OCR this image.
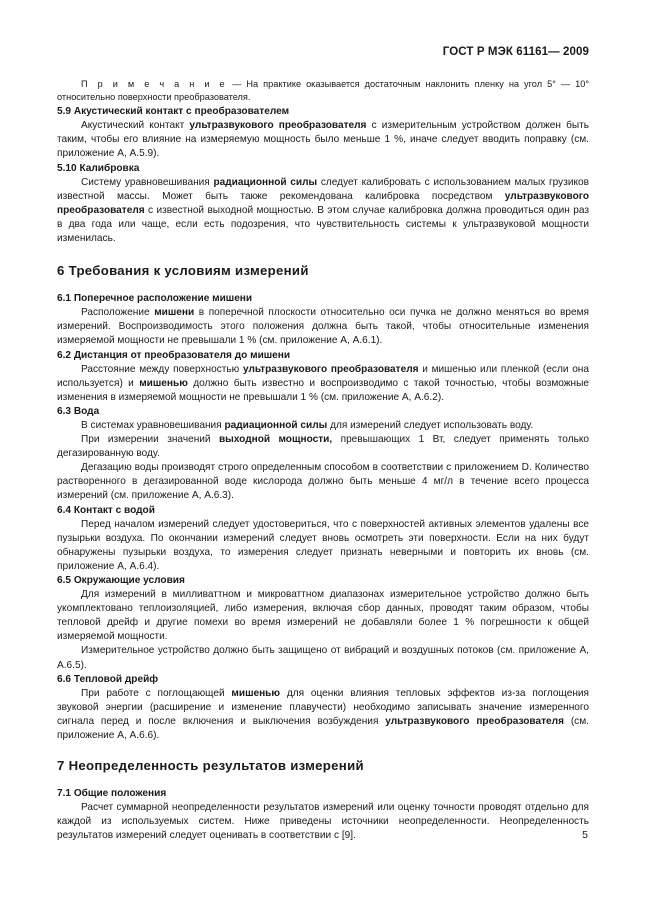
ГОСТ Р МЭК 61161— 2009

П р и м е ч а н и е — На практике оказывается достаточным наклонить пленку на угол 5° — 10° относительно поверхности преобразователя.

5.9 Акустический контакт с преобразователем

Акустический контакт ультразвукового преобразователя с измерительным устройством должен быть таким, чтобы его влияние на измеряемую мощность было меньше 1 %, иначе следует вводить поправку (см. приложение А, А.5.9).

5.10 Калибровка

Систему уравновешивания радиационной силы следует калибровать с использованием малых грузиков известной массы. Может быть также рекомендована калибровка посредством ультразвукового преобразователя с известной выходной мощностью. В этом случае калибровка должна проводиться один раз в два года или чаще, если есть подозрения, что чувствительность системы к ультразвуковой мощности изменилась.

6 Требования к условиям измерений

6.1 Поперечное расположение мишени

Расположение мишени в поперечной плоскости относительно оси пучка не должно меняться во время измерений. Воспроизводимость этого положения должна быть такой, чтобы относительные изменения измеряемой мощности не превышали 1 % (см. приложение А, А.6.1).

6.2 Дистанция от преобразователя до мишени

Расстояние между поверхностью ультразвукового преобразователя и мишенью или пленкой (если она используется) и мишенью должно быть известно и воспроизводимо с такой точностью, чтобы возможные изменения в измеряемой мощности не превышали 1 % (см. приложение А, А.6.2).

6.3 Вода

В системах уравновешивания радиационной силы для измерений следует использовать воду.

При измерении значений выходной мощности, превышающих 1 Вт, следует применять только дегазированную воду.

Дегазацию воды производят строго определенным способом в соответствии с приложением D. Количество растворенного в дегазированной воде кислорода должно быть меньше 4 мг/л в течение всего процесса измерений (см. приложение А, А.6.3).

6.4 Контакт с водой

Перед началом измерений следует удостовериться, что с поверхностей активных элементов удалены все пузырьки воздуха. По окончании измерений следует вновь осмотреть эти поверхности. Если на них будут обнаружены пузырьки воздуха, то измерения следует признать неверными и повторить их вновь (см. приложение А, А.6.4).

6.5 Окружающие условия

Для измерений в милливаттном и микроваттном диапазонах измерительное устройство должно быть укомплектовано теплоизоляцией, либо измерения, включая сбор данных, проводят таким образом, чтобы тепловой дрейф и другие помехи во время измерений не добавляли более 1 % погрешности к общей измеряемой мощности.

Измерительное устройство должно быть защищено от вибраций и воздушных потоков (см. приложение А, А.6.5).

6.6 Тепловой дрейф

При работе с поглощающей мишенью для оценки влияния тепловых эффектов из-за поглощения звуковой энергии (расширение и изменение плавучести) необходимо записывать значение измеренного сигнала перед и после включения и выключения возбуждения ультразвукового преобразователя (см. приложение А, А.6.6).

7 Неопределенность результатов измерений

7.1 Общие положения

Расчет суммарной неопределенности результатов измерений или оценку точности проводят отдельно для каждой из используемых систем. Ниже приведены источники неопределенности. Неопределенность результатов измерений следует оценивать в соответствии с [9].	5
